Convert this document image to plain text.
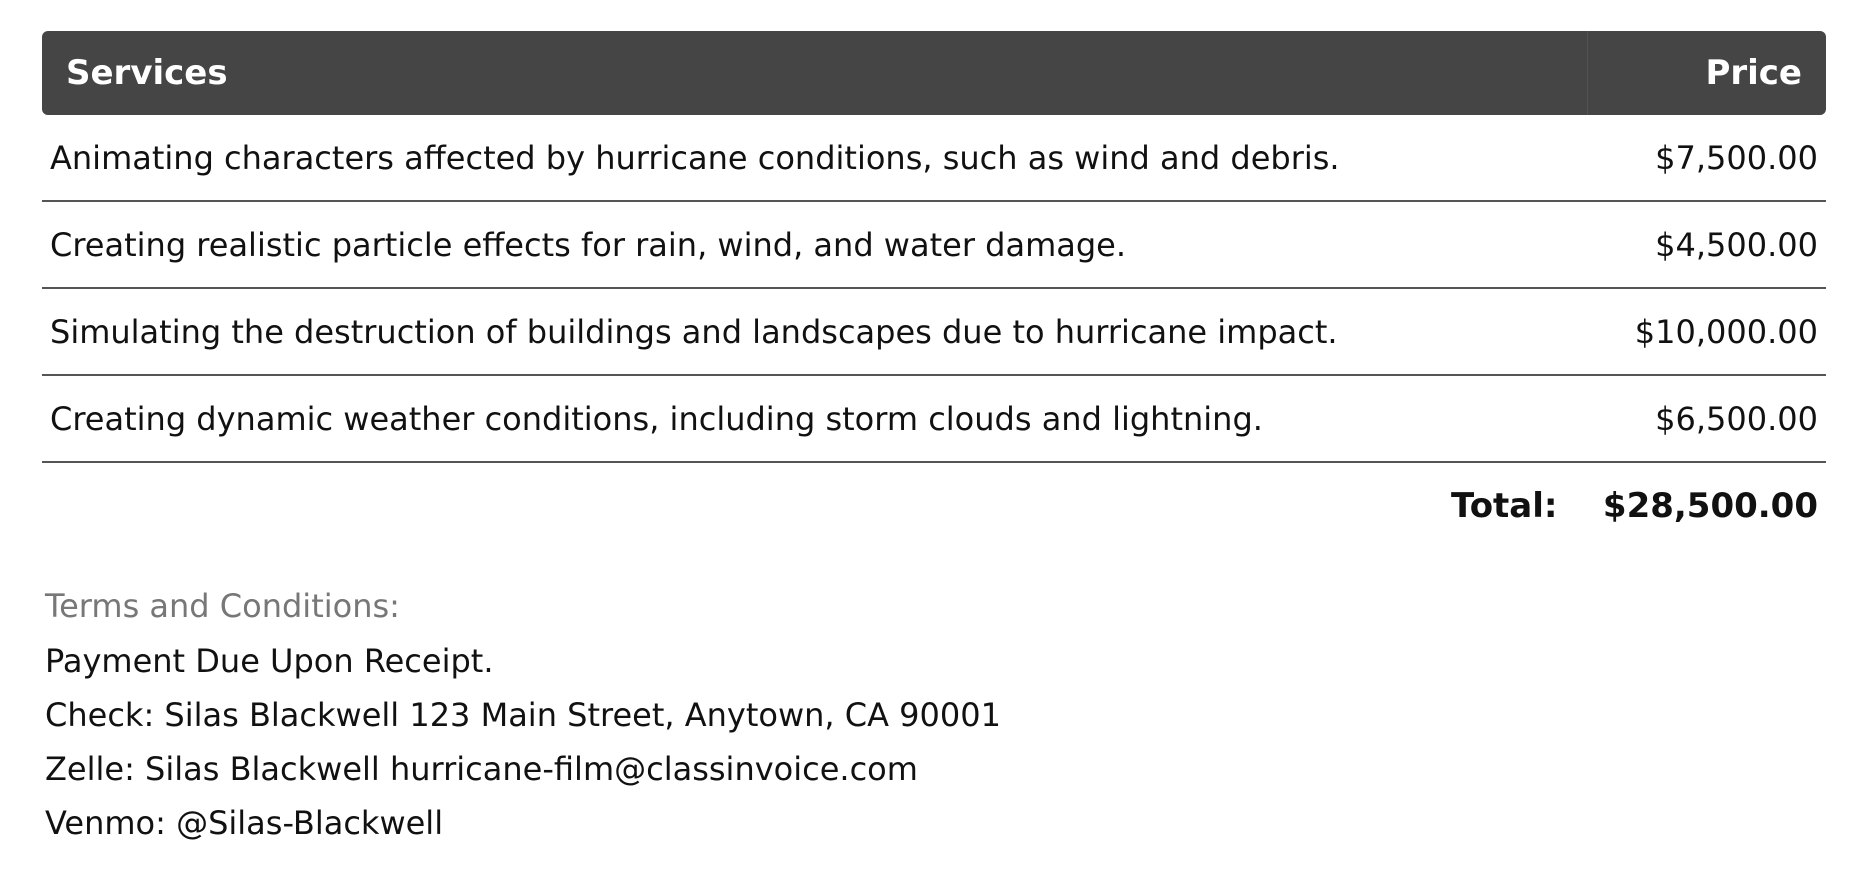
Services	Price
Animating characters affected by hurricane conditions, such as wind and debris.	$7,500.00
Creating realistic particle effects for rain, wind, and water damage.	$4,500.00
Simulating the destruction of buildings and landscapes due to hurricane impact.	$10,000.00
Creating dynamic weather conditions, including storm clouds and lightning.	$6,500.00
Total:	$28,500.00
Terms and Conditions:
Payment Due Upon Receipt.
Check: Silas Blackwell 123 Main Street, Anytown, CA 90001
Zelle: Silas Blackwell hurricane-film@classinvoice.com
Venmo: @Silas-Blackwell
